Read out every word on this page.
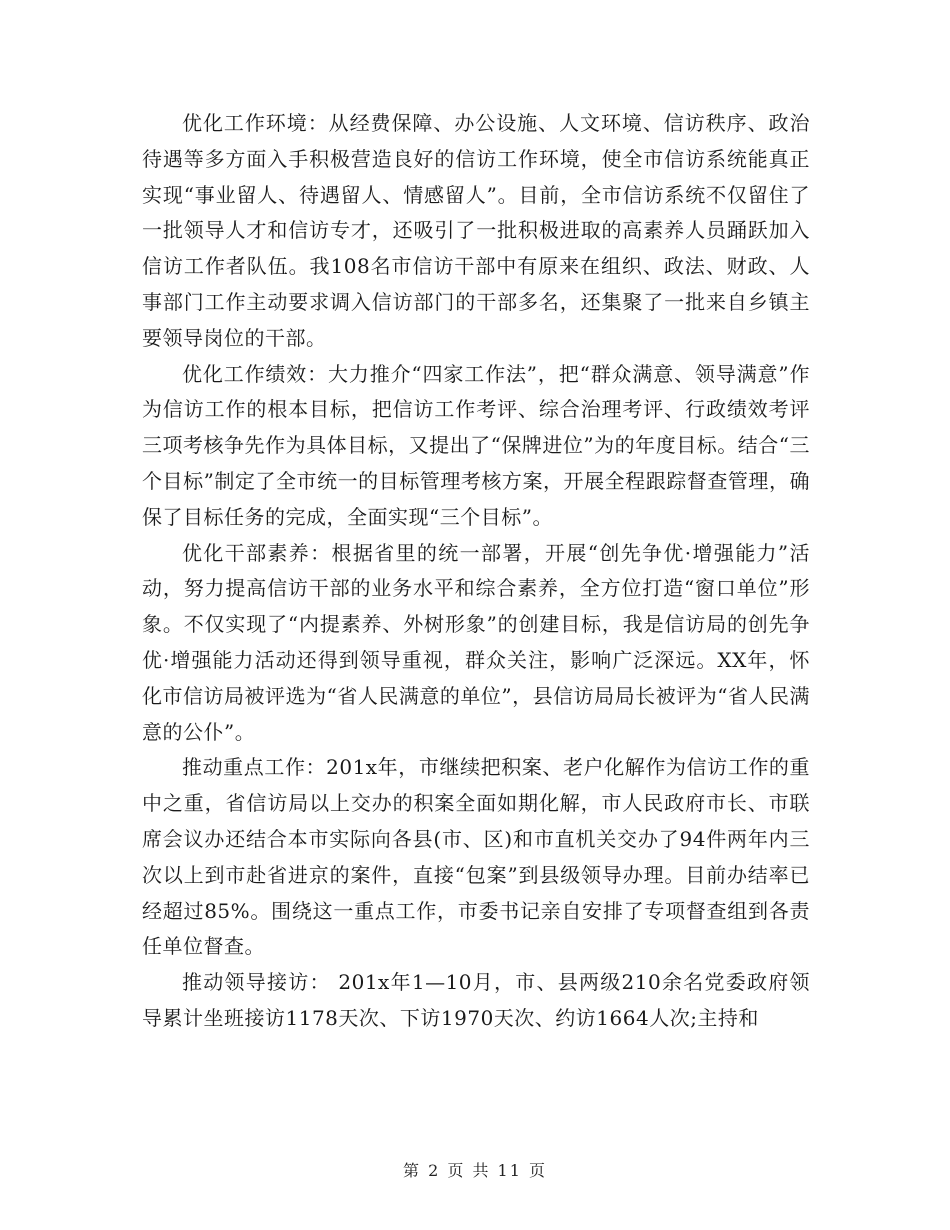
优化工作环境：从经费保障、办公设施、人文环境、信访秩序、政治待遇等多方面入手积极营造良好的信访工作环境，使全市信访系统能真正实现“事业留人、待遇留人、情感留人”。目前，全市信访系统不仅留住了一批领导人才和信访专才，还吸引了一批积极进取的高素养人员踊跃加入信访工作者队伍。我108名市信访干部中有原来在组织、政法、财政、人事部门工作主动要求调入信访部门的干部多名，还集聚了一批来自乡镇主要领导岗位的干部。

优化工作绩效：大力推介“四家工作法”，把“群众满意、领导满意”作为信访工作的根本目标，把信访工作考评、综合治理考评、行政绩效考评三项考核争先作为具体目标，又提出了“保牌进位”为的年度目标。结合“三个目标”制定了全市统一的目标管理考核方案，开展全程跟踪督查管理，确保了目标任务的完成，全面实现“三个目标”。

优化干部素养：根据省里的统一部署，开展“创先争优·增强能力”活动，努力提高信访干部的业务水平和综合素养，全方位打造“窗口单位”形象。不仅实现了“内提素养、外树形象”的创建目标，我是信访局的创先争优·增强能力活动还得到领导重视，群众关注，影响广泛深远。XX年，怀化市信访局被评选为“省人民满意的单位”，县信访局局长被评为“省人民满意的公仆”。

推动重点工作：201x年，市继续把积案、老户化解作为信访工作的重中之重，省信访局以上交办的积案全面如期化解，市人民政府市长、市联席会议办还结合本市实际向各县(市、区)和市直机关交办了94件两年内三次以上到市赴省进京的案件，直接“包案”到县级领导办理。目前办结率已经超过85%。围绕这一重点工作，市委书记亲自安排了专项督查组到各责任单位督查。

推动领导接访： 201x年1—10月，市、县两级210余名党委政府领导累计坐班接访1178天次、下访1970天次、约访1664人次;主持和

第 2 页 共 11 页
